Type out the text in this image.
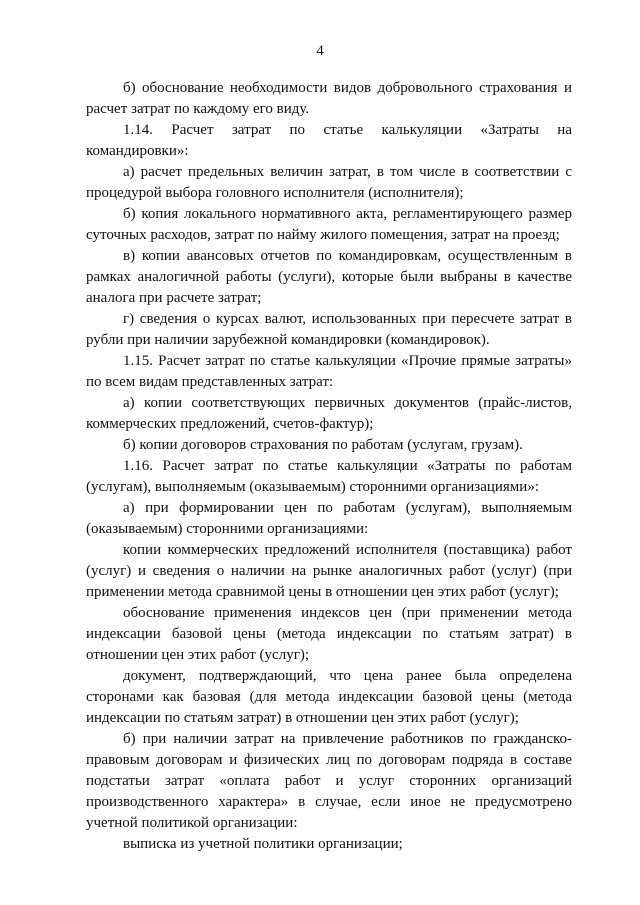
4

б) обоснование необходимости видов добровольного страхования и расчет затрат по каждому его виду.

1.14. Расчет затрат по статье калькуляции «Затраты на командировки»:

а) расчет предельных величин затрат, в том числе в соответствии с процедурой выбора головного исполнителя (исполнителя);

б) копия локального нормативного акта, регламентирующего размер суточных расходов, затрат по найму жилого помещения, затрат на проезд;

в) копии авансовых отчетов по командировкам, осуществленным в рамках аналогичной работы (услуги), которые были выбраны в качестве аналога при расчете затрат;

г) сведения о курсах валют, использованных при пересчете затрат в рубли при наличии зарубежной командировки (командировок).

1.15. Расчет затрат по статье калькуляции «Прочие прямые затраты» по всем видам представленных затрат:

а) копии соответствующих первичных документов (прайс-листов, коммерческих предложений, счетов-фактур);

б) копии договоров страхования по работам (услугам, грузам).

1.16. Расчет затрат по статье калькуляции «Затраты по работам (услугам), выполняемым (оказываемым) сторонними организациями»:

а) при формировании цен по работам (услугам), выполняемым (оказываемым) сторонними организациями:

копии коммерческих предложений исполнителя (поставщика) работ (услуг) и сведения о наличии на рынке аналогичных работ (услуг) (при применении метода сравнимой цены в отношении цен этих работ (услуг);

обоснование применения индексов цен (при применении метода индексации базовой цены (метода индексации по статьям затрат) в отношении цен этих работ (услуг);

документ, подтверждающий, что цена ранее была определена сторонами как базовая (для метода индексации базовой цены (метода индексации по статьям затрат) в отношении цен этих работ (услуг);

б) при наличии затрат на привлечение работников по гражданско-правовым договорам и физических лиц по договорам подряда в составе подстатьи затрат «оплата работ и услуг сторонних организаций производственного характера» в случае, если иное не предусмотрено учетной политикой организации:

выписка из учетной политики организации;
